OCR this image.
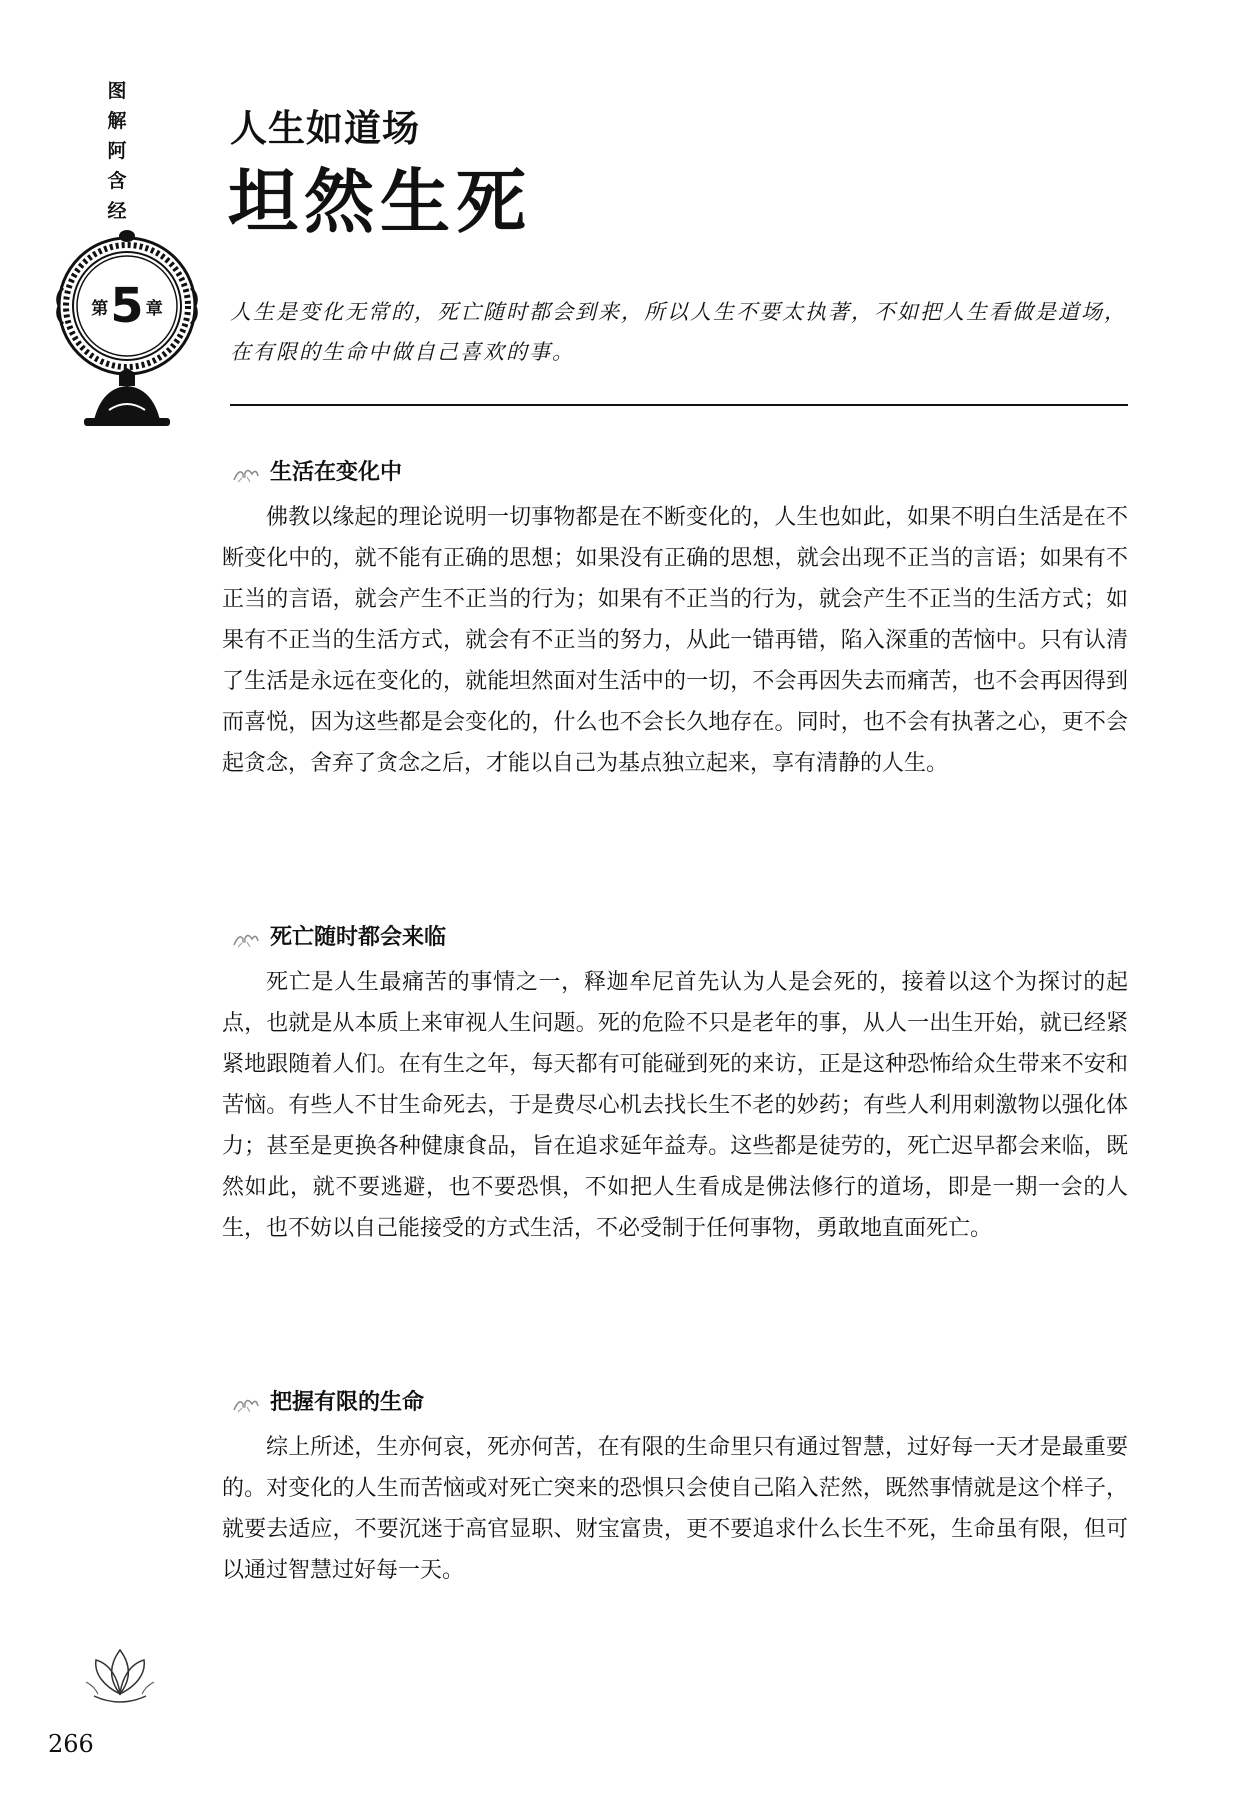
图
解
阿
含
经
第 5 章
人生如道场
坦然生死

人生是变化无常的，死亡随时都会到来，所以人生不要太执著，不如把人生看做是道场，在有限的生命中做自己喜欢的事。

生活在变化中

佛教以缘起的理论说明一切事物都是在不断变化的，人生也如此，如果不明白生活是在不断变化中的，就不能有正确的思想；如果没有正确的思想，就会出现不正当的言语；如果有不正当的言语，就会产生不正当的行为；如果有不正当的行为，就会产生不正当的生活方式；如果有不正当的生活方式，就会有不正当的努力，从此一错再错，陷入深重的苦恼中。只有认清了生活是永远在变化的，就能坦然面对生活中的一切，不会再因失去而痛苦，也不会再因得到而喜悦，因为这些都是会变化的，什么也不会长久地存在。同时，也不会有执著之心，更不会起贪念，舍弃了贪念之后，才能以自己为基点独立起来，享有清静的人生。

死亡随时都会来临

死亡是人生最痛苦的事情之一，释迦牟尼首先认为人是会死的，接着以这个为探讨的起点，也就是从本质上来审视人生问题。死的危险不只是老年的事，从人一出生开始，就已经紧紧地跟随着人们。在有生之年，每天都有可能碰到死的来访，正是这种恐怖给众生带来不安和苦恼。有些人不甘生命死去，于是费尽心机去找长生不老的妙药；有些人利用刺激物以强化体力；甚至是更换各种健康食品，旨在追求延年益寿。这些都是徒劳的，死亡迟早都会来临，既然如此，就不要逃避，也不要恐惧，不如把人生看成是佛法修行的道场，即是一期一会的人生，也不妨以自己能接受的方式生活，不必受制于任何事物，勇敢地直面死亡。

把握有限的生命

综上所述，生亦何哀，死亦何苦，在有限的生命里只有通过智慧，过好每一天才是最重要的。对变化的人生而苦恼或对死亡突来的恐惧只会使自己陷入茫然，既然事情就是这个样子，就要去适应，不要沉迷于高官显职、财宝富贵，更不要追求什么长生不死，生命虽有限，但可以通过智慧过好每一天。

266
